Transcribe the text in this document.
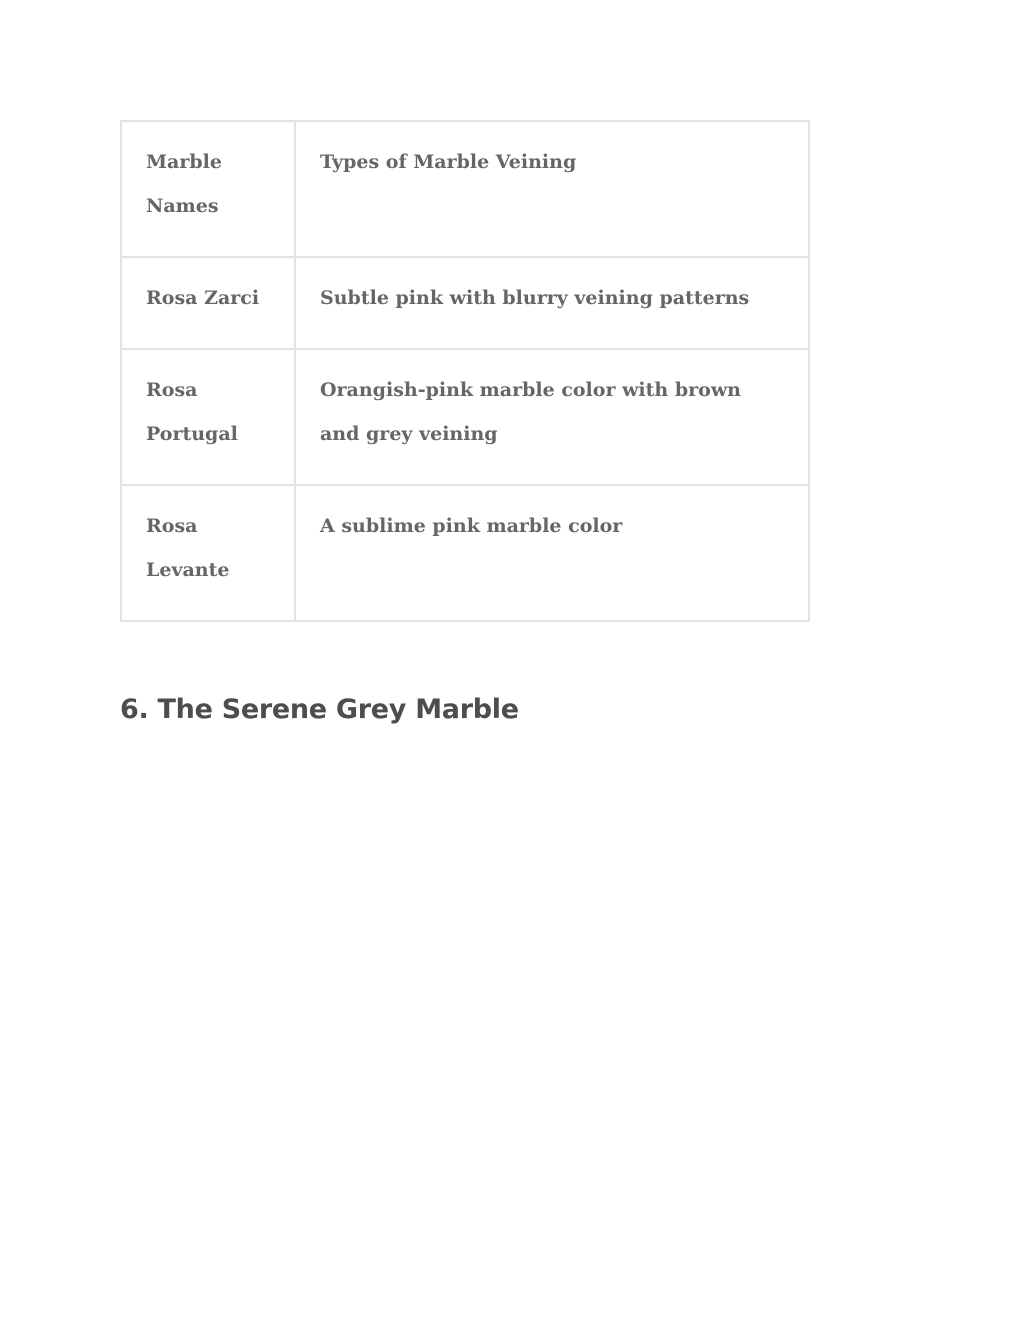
Marble Names	Types of Marble Veining
Rosa Zarci	Subtle pink with blurry veining patterns
Rosa Portugal	Orangish-pink marble color with brown and grey veining
Rosa Levante	A sublime pink marble color
6. The Serene Grey Marble
